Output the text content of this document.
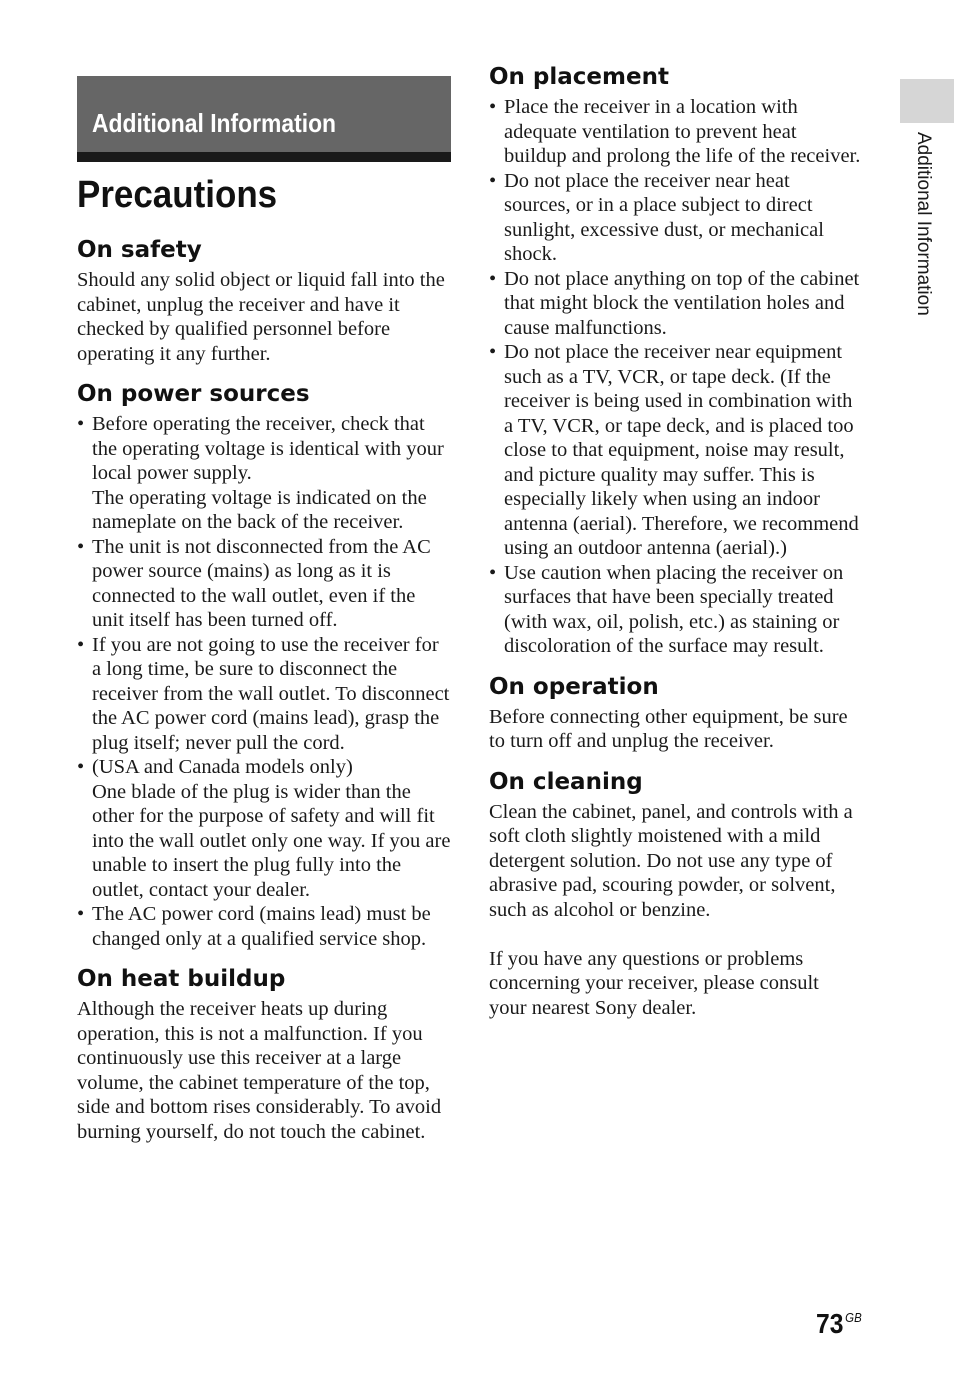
Additional Information
Precautions
On safety

Should any solid object or liquid fall into the cabinet, unplug the receiver and have it checked by qualified personnel before operating it any further.

On power sources
• Before operating the receiver, check that the operating voltage is identical with your local power supply.
The operating voltage is indicated on the nameplate on the back of the receiver.
• The unit is not disconnected from the AC power source (mains) as long as it is connected to the wall outlet, even if the unit itself has been turned off.
• If you are not going to use the receiver for a long time, be sure to disconnect the receiver from the wall outlet. To disconnect the AC power cord (mains lead), grasp the plug itself; never pull the cord.
• (USA and Canada models only)
One blade of the plug is wider than the other for the purpose of safety and will fit into the wall outlet only one way. If you are unable to insert the plug fully into the outlet, contact your dealer.
• The AC power cord (mains lead) must be changed only at a qualified service shop.
On heat buildup

Although the receiver heats up during operation, this is not a malfunction. If you continuously use this receiver at a large volume, the cabinet temperature of the top, side and bottom rises considerably. To avoid burning yourself, do not touch the cabinet.

On placement
• Place the receiver in a location with adequate ventilation to prevent heat buildup and prolong the life of the receiver.
• Do not place the receiver near heat sources, or in a place subject to direct sunlight, excessive dust, or mechanical shock.
• Do not place anything on top of the cabinet that might block the ventilation holes and cause malfunctions.
• Do not place the receiver near equipment such as a TV, VCR, or tape deck. (If the receiver is being used in combination with a TV, VCR, or tape deck, and is placed too close to that equipment, noise may result, and picture quality may suffer. This is especially likely when using an indoor antenna (aerial). Therefore, we recommend using an outdoor antenna (aerial).)
• Use caution when placing the receiver on surfaces that have been specially treated (with wax, oil, polish, etc.) as staining or discoloration of the surface may result.
On operation

Before connecting other equipment, be sure to turn off and unplug the receiver.

On cleaning

Clean the cabinet, panel, and controls with a soft cloth slightly moistened with a mild detergent solution. Do not use any type of abrasive pad, scouring powder, or solvent, such as alcohol or benzine.

If you have any questions or problems concerning your receiver, please consult your nearest Sony dealer.

Additional Information
73 $^{GB}$
